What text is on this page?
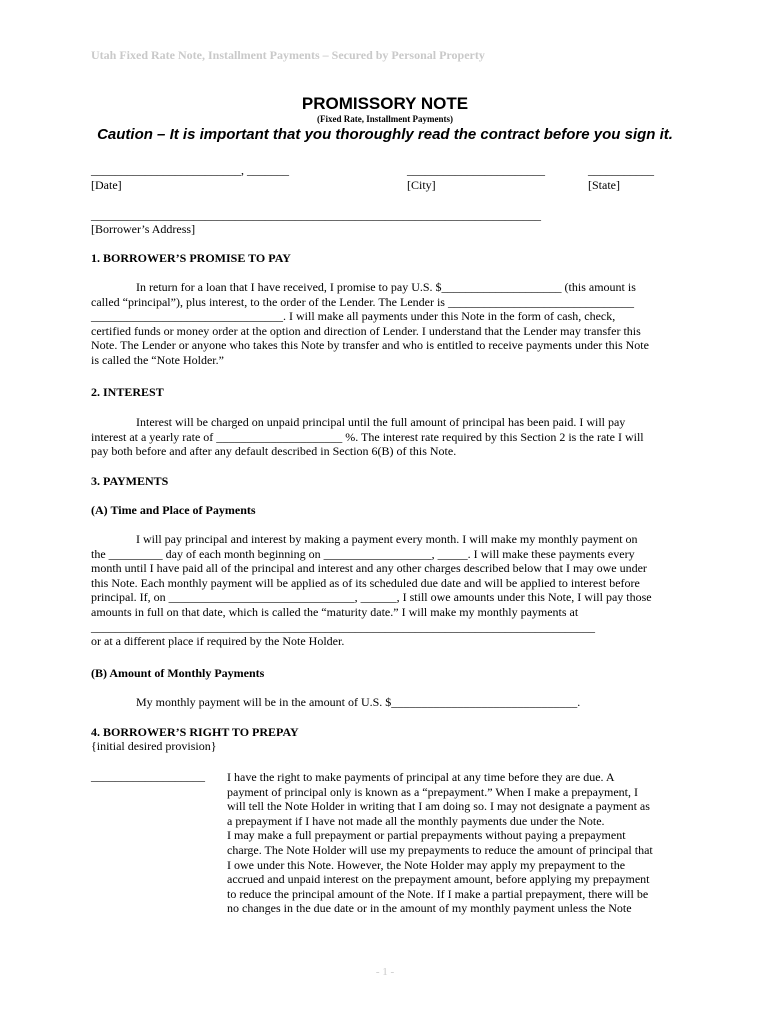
Utah Fixed Rate Note, Installment Payments – Secured by Personal Property
PROMISSORY NOTE
(Fixed Rate, Installment Payments)
Caution – It is important that you thoroughly read the contract before you sign it.
_________________________, _______
[Date]
_______________________
[City]
___________
[State]
___________________________________________________________________________
[Borrower’s Address]
1. BORROWER’S PROMISE TO PAY

In return for a loan that I have received, I promise to pay U.S. $____________________ (this amount is

called “principal”), plus interest, to the order of the Lender. The Lender is _______________________________

________________________________. I will make all payments under this Note in the form of cash, check,

certified funds or money order at the option and direction of Lender. I understand that the Lender may transfer this

Note. The Lender or anyone who takes this Note by transfer and who is entitled to receive payments under this Note

is called the “Note Holder.”

2. INTEREST

Interest will be charged on unpaid principal until the full amount of principal has been paid. I will pay

interest at a yearly rate of _____________________ %. The interest rate required by this Section 2 is the rate I will

pay both before and after any default described in Section 6(B) of this Note.

3. PAYMENTS
(A) Time and Place of Payments

I will pay principal and interest by making a payment every month. I will make my monthly payment on

the _________ day of each month beginning on __________________, _____. I will make these payments every

month until I have paid all of the principal and interest and any other charges described below that I may owe under

this Note. Each monthly payment will be applied as of its scheduled due date and will be applied to interest before

principal. If, on _______________________________, ______, I still owe amounts under this Note, I will pay those

amounts in full on that date, which is called the “maturity date.” I will make my monthly payments at

____________________________________________________________________________________

or at a different place if required by the Note Holder.

(B) Amount of Monthly Payments
My monthly payment will be in the amount of U.S. $_______________________________.
4. BORROWER’S RIGHT TO PREPAY
{initial desired provision}
___________________ I have the right to make payments of principal at any time before they are due. A
payment of principal only is known as a “prepayment.” When I make a prepayment, I
will tell the Note Holder in writing that I am doing so. I may not designate a payment as
a prepayment if I have not made all the monthly payments due under the Note.
I may make a full prepayment or partial prepayments without paying a prepayment
charge. The Note Holder will use my prepayments to reduce the amount of principal that
I owe under this Note. However, the Note Holder may apply my prepayment to the
accrued and unpaid interest on the prepayment amount, before applying my prepayment
to reduce the principal amount of the Note. If I make a partial prepayment, there will be
no changes in the due date or in the amount of my monthly payment unless the Note
- 1 -
